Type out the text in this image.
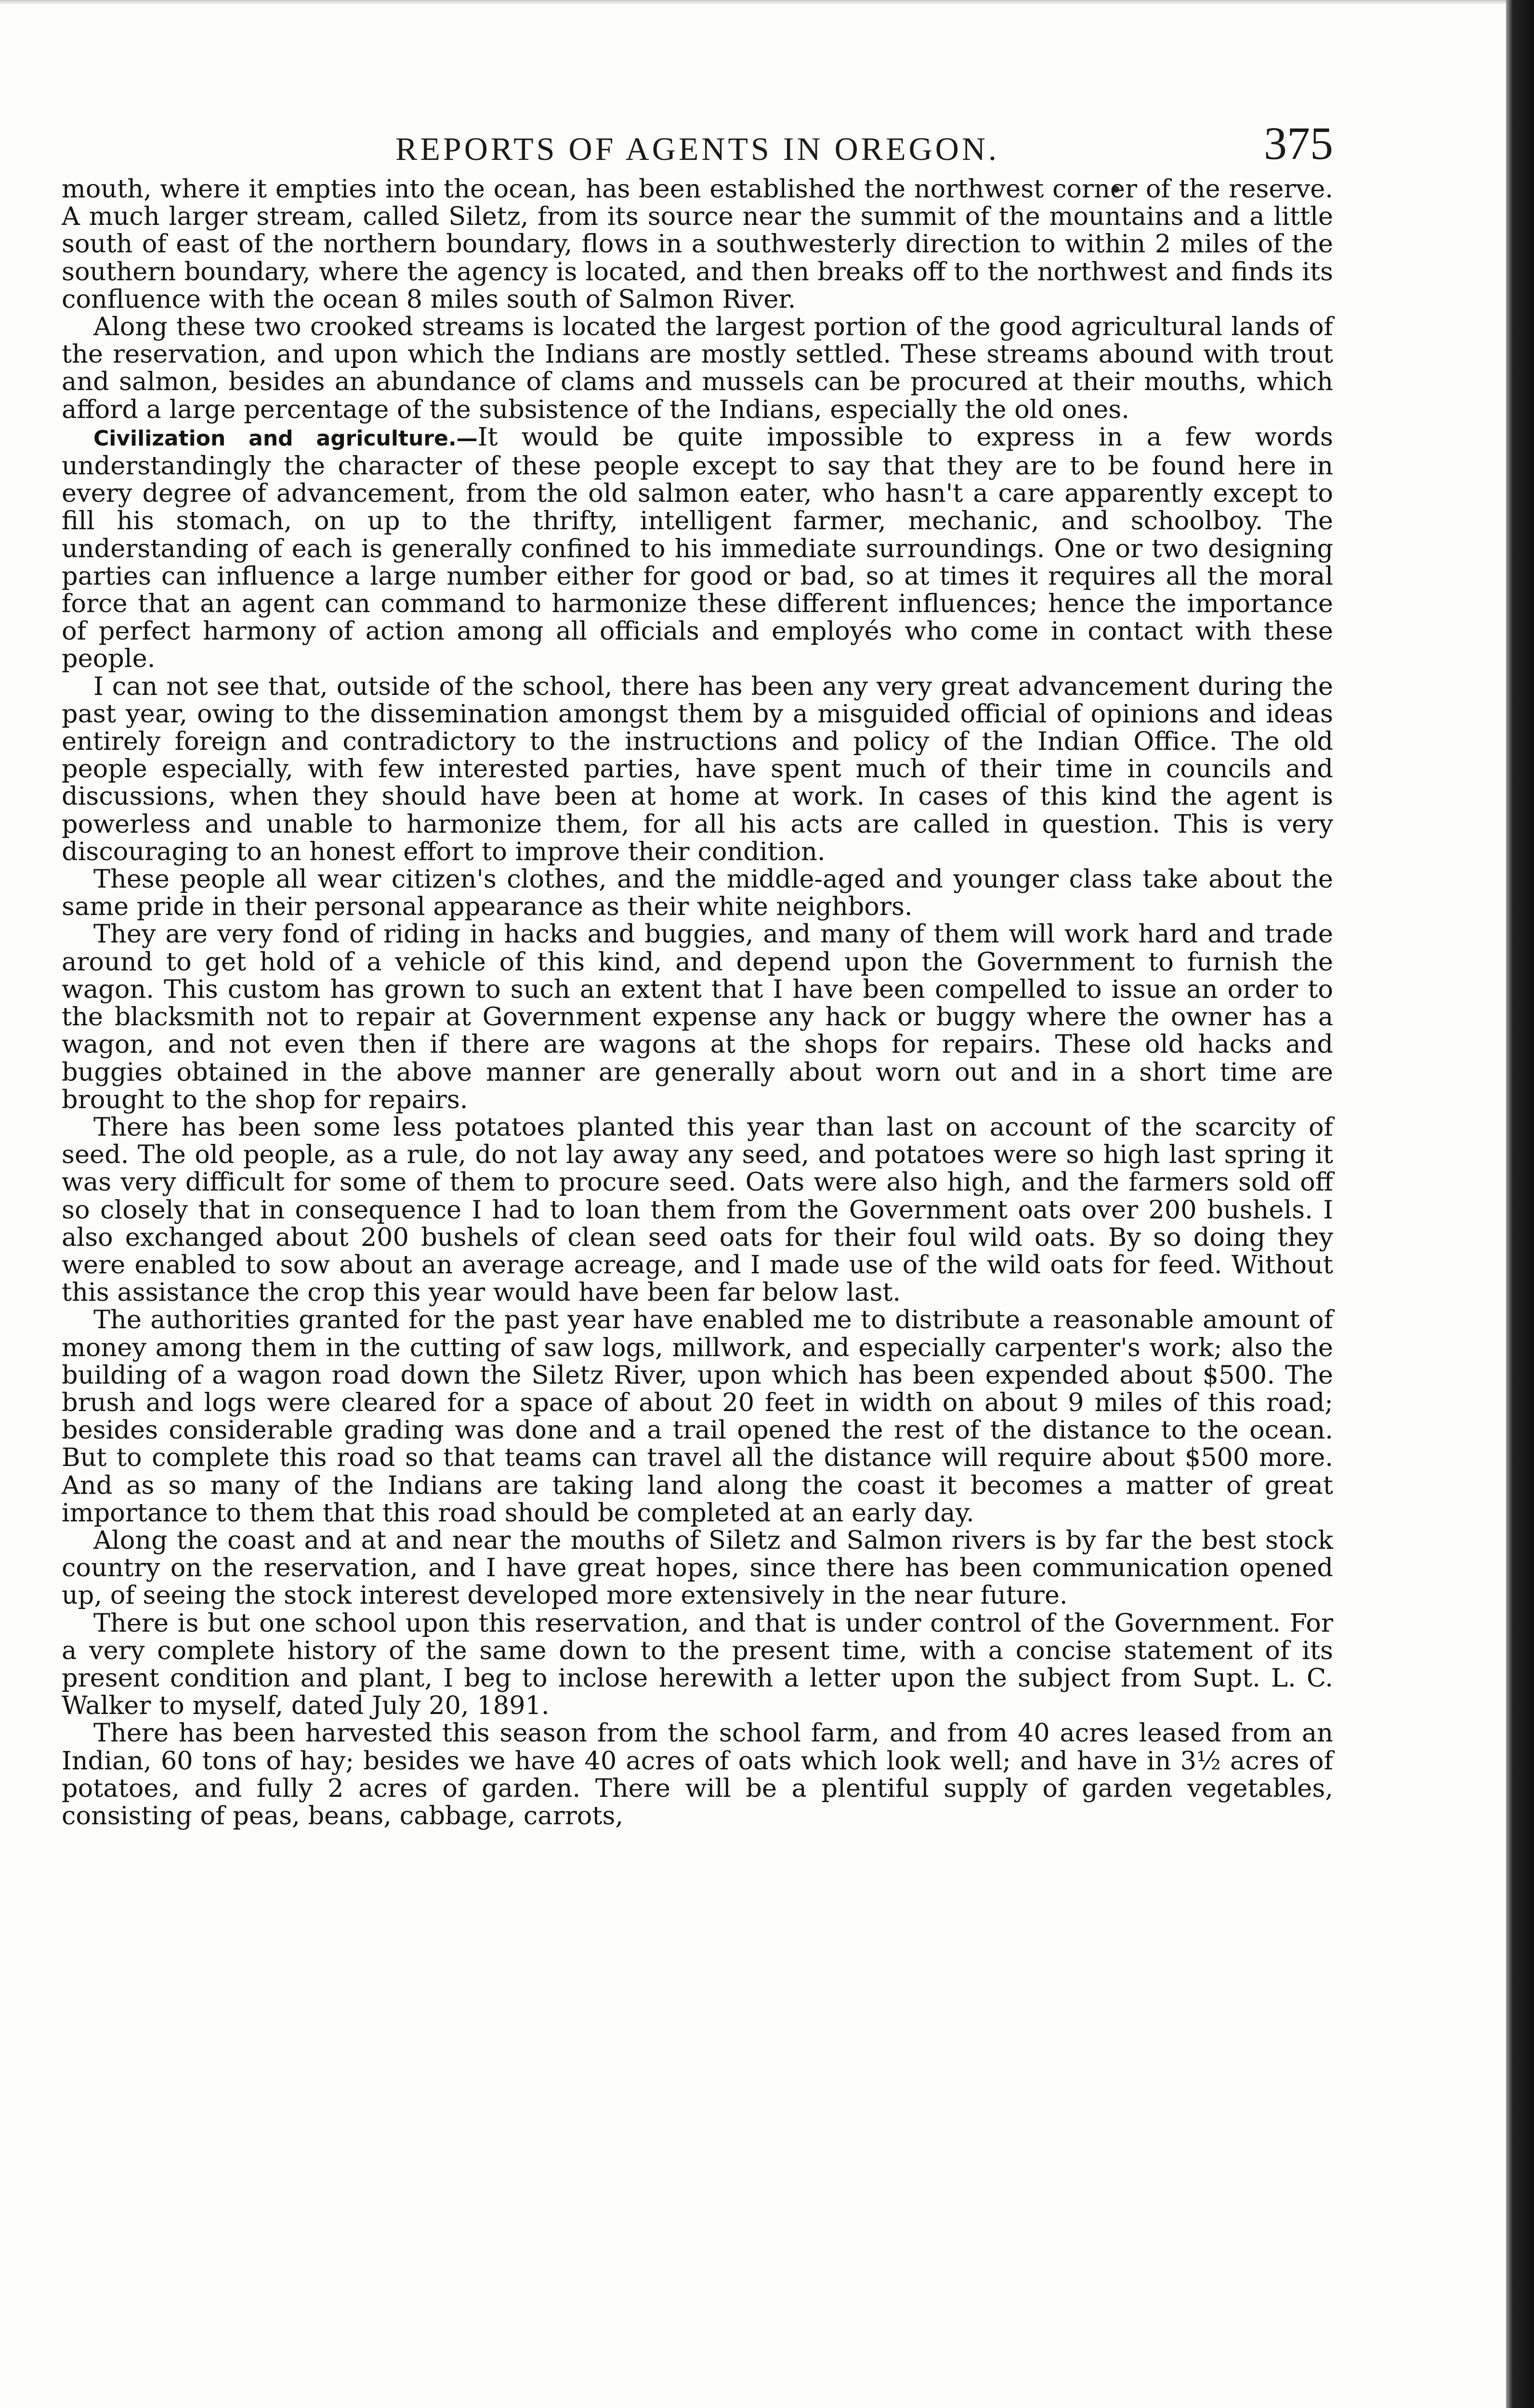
REPORTS OF AGENTS IN OREGON.	375

mouth, where it empties into the ocean, has been established the northwest corner of the reserve. A much larger stream, called Siletz, from its source near the summit of the mountains and a little south of east of the northern boundary, flows in a southwesterly direction to within 2 miles of the southern boundary, where the agency is located, and then breaks off to the northwest and finds its confluence with the ocean 8 miles south of Salmon River.

Along these two crooked streams is located the largest portion of the good agricultural lands of the reservation, and upon which the Indians are mostly settled. These streams abound with trout and salmon, besides an abundance of clams and mussels can be procured at their mouths, which afford a large percentage of the subsistence of the Indians, especially the old ones.

Civilization and agriculture.—It would be quite impossible to express in a few words understandingly the character of these people except to say that they are to be found here in every degree of advancement, from the old salmon eater, who hasn't a care apparently except to fill his stomach, on up to the thrifty, intelligent farmer, mechanic, and schoolboy. The understanding of each is generally confined to his immediate surroundings. One or two designing parties can influence a large number either for good or bad, so at times it requires all the moral force that an agent can command to harmonize these different influences; hence the importance of perfect harmony of action among all officials and employés who come in contact with these people.

I can not see that, outside of the school, there has been any very great advancement during the past year, owing to the dissemination amongst them by a misguided official of opinions and ideas entirely foreign and contradictory to the instructions and policy of the Indian Office. The old people especially, with few interested parties, have spent much of their time in councils and discussions, when they should have been at home at work. In cases of this kind the agent is powerless and unable to harmonize them, for all his acts are called in question. This is very discouraging to an honest effort to improve their condition.

These people all wear citizen's clothes, and the middle-aged and younger class take about the same pride in their personal appearance as their white neighbors.

They are very fond of riding in hacks and buggies, and many of them will work hard and trade around to get hold of a vehicle of this kind, and depend upon the Government to furnish the wagon. This custom has grown to such an extent that I have been compelled to issue an order to the blacksmith not to repair at Government expense any hack or buggy where the owner has a wagon, and not even then if there are wagons at the shops for repairs. These old hacks and buggies obtained in the above manner are generally about worn out and in a short time are brought to the shop for repairs.

There has been some less potatoes planted this year than last on account of the scarcity of seed. The old people, as a rule, do not lay away any seed, and potatoes were so high last spring it was very difficult for some of them to procure seed. Oats were also high, and the farmers sold off so closely that in consequence I had to loan them from the Government oats over 200 bushels. I also exchanged about 200 bushels of clean seed oats for their foul wild oats. By so doing they were enabled to sow about an average acreage, and I made use of the wild oats for feed. Without this assistance the crop this year would have been far below last.

The authorities granted for the past year have enabled me to distribute a reasonable amount of money among them in the cutting of saw logs, millwork, and especially carpenter's work; also the building of a wagon road down the Siletz River, upon which has been expended about $500. The brush and logs were cleared for a space of about 20 feet in width on about 9 miles of this road; besides considerable grading was done and a trail opened the rest of the distance to the ocean. But to complete this road so that teams can travel all the distance will require about $500 more. And as so many of the Indians are taking land along the coast it becomes a matter of great importance to them that this road should be completed at an early day.

Along the coast and at and near the mouths of Siletz and Salmon rivers is by far the best stock country on the reservation, and I have great hopes, since there has been communication opened up, of seeing the stock interest developed more extensively in the near future.

There is but one school upon this reservation, and that is under control of the Government. For a very complete history of the same down to the present time, with a concise statement of its present condition and plant, I beg to inclose herewith a letter upon the subject from Supt. L. C. Walker to myself, dated July 20, 1891.

There has been harvested this season from the school farm, and from 40 acres leased from an Indian, 60 tons of hay; besides we have 40 acres of oats which look well; and have in 3½ acres of potatoes, and fully 2 acres of garden. There will be a plentiful supply of garden vegetables, consisting of peas, beans, cabbage, carrots,
